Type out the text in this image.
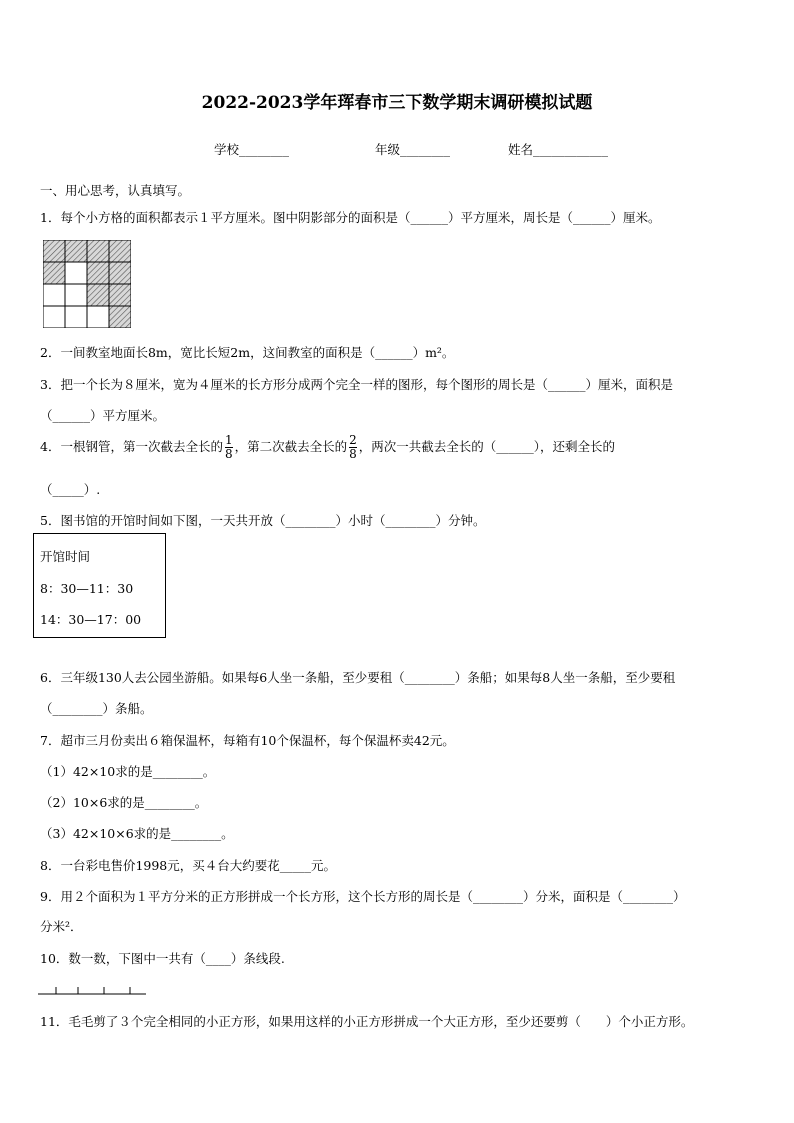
2022-2023学年珲春市三下数学期末调研模拟试题
学校________	年级________	姓名____________
一、用心思考，认真填写。
1．每个小方格的面积都表示１平方厘米。图中阴影部分的面积是（______）平方厘米，周长是（______）厘米。
2．一间教室地面长8m，宽比长短2m，这间教室的面积是（______）m²。
3．把一个长为８厘米，宽为４厘米的长方形分成两个完全一样的图形，每个图形的周长是（______）厘米，面积是
（______）平方厘米。
4．一根钢管，第一次截去全长的 $\frac{1}{8}$ ，第二次截去全长的 $\frac{2}{8}$ ，两次一共截去全长的（______），还剩全长的
（_____）.
5．图书馆的开馆时间如下图，一天共开放（________）小时（________）分钟。
开馆时间
8：30—11：30
14：30—17：00
6．三年级130人去公园坐游船。如果每6人坐一条船，至少要租（________）条船；如果每8人坐一条船，至少要租
（________）条船。
7．超市三月份卖出６箱保温杯，每箱有10个保温杯，每个保温杯卖42元。
（1）42×10求的是________。
（2）10×6求的是________。
（3）42×10×6求的是________。
8．一台彩电售价1998元，买４台大约要花_____元。
9．用２个面积为１平方分米的正方形拼成一个长方形，这个长方形的周长是（________）分米，面积是（________）
分米²．
10．数一数，下图中一共有（____）条线段.
11．毛毛剪了３个完全相同的小正方形，如果用这样的小正方形拼成一个大正方形，至少还要剪（　　）个小正方形。
